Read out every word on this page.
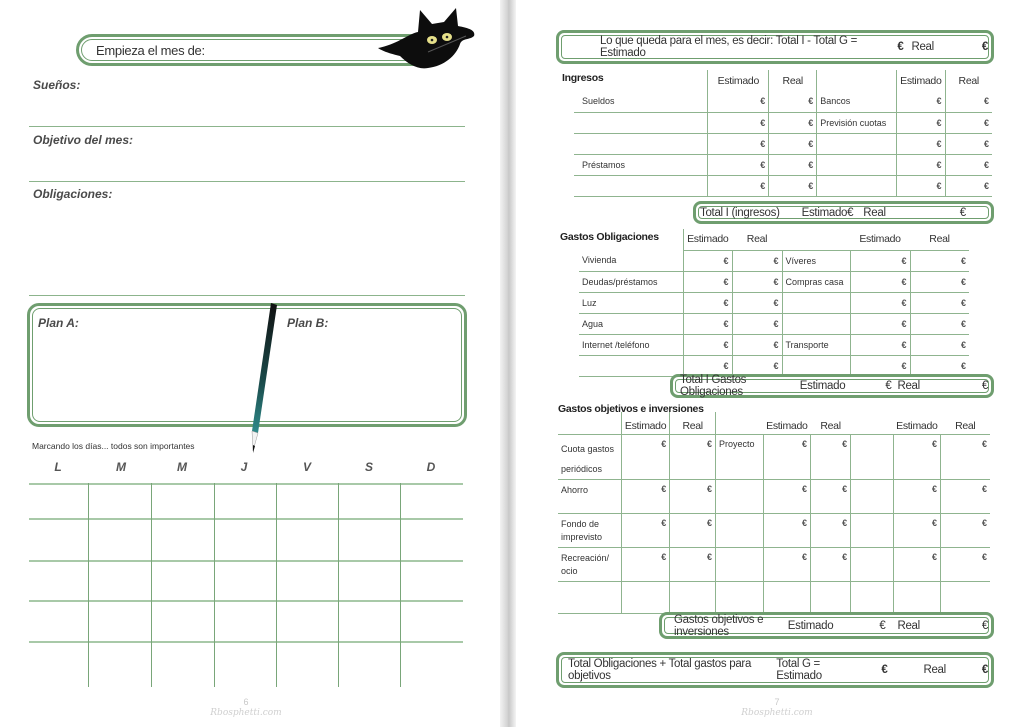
Empieza el mes de:
Sueños:
Objetivo del mes:
Obligaciones:
Plan A:	Plan B:
Marcando los días... todos son importantes
L	M	M	J	V	S	D
6
Rbosphetti.com
Lo que queda para el mes, es decir: Total I - Total G = Estimado	€ Real	€
Ingresos
		Estimado	Real		Estimado	Real
Sueldos	€	€	Bancos	€	€
	€	€	Previsión cuotas	€	€
	€	€		€	€
Préstamos	€	€		€	€
	€	€		€	€
Total I (ingresos) Estimado € Real	€
Gastos Obligaciones
		Estimado	Real		Estimado	Real
Vivienda	€	€	Víveres	€	€
Deudas/préstamos	€	€	Compras casa	€	€
Luz	€	€		€	€
Agua	€	€		€	€
Internet /teléfono	€	€	Transporte	€	€
	€	€		€	€
Total I Gastos Obligaciones	Estimado	€ Real	€
Gastos objetivos e inversiones
	Estimado	Real		Estimado	Real		Estimado	Real
Cuota gastos periódicos	€	€	Proyecto	€	€		€	€
Ahorro	€	€		€	€		€	€
Fondo de imprevisto	€	€		€	€		€	€
Recreación/ ocio	€	€		€	€		€	€

Gastos objetivos e inversiones	Estimado	€ Real	€
Total Obligaciones + Total gastos para objetivos
Total G = Estimado	€	Real	€
7
Rbosphetti.com
